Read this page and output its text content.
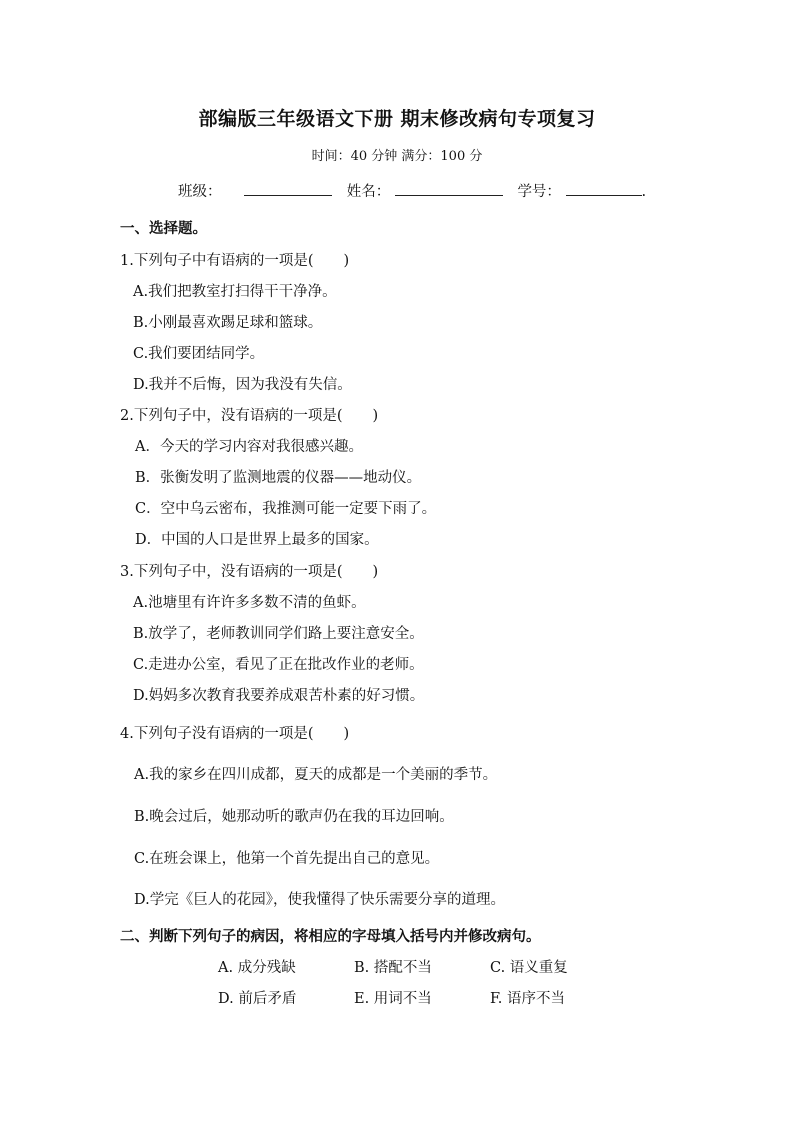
部编版三年级语文下册 期末修改病句专项复习
时间：40 分钟 满分：100 分
班级：	姓名：	学号：	.
一、选择题。
1.下列句子中有语病的一项是( )
A.我们把教室打扫得干干净净。
B.小刚最喜欢踢足球和篮球。
C.我们要团结同学。
D.我并不后悔，因为我没有失信。
2.下列句子中，没有语病的一项是( )
A．今天的学习内容对我很感兴趣。
B．张衡发明了监测地震的仪器——地动仪。
C．空中乌云密布，我推测可能一定要下雨了。
D．中国的人口是世界上最多的国家。
3.下列句子中，没有语病的一项是( )
A.池塘里有许许多多数不清的鱼虾。
B.放学了，老师教训同学们路上要注意安全。
C.走进办公室，看见了正在批改作业的老师。
D.妈妈多次教育我要养成艰苦朴素的好习惯。
4.下列句子没有语病的一项是( )
A.我的家乡在四川成都，夏天的成都是一个美丽的季节。
B.晚会过后，她那动听的歌声仍在我的耳边回响。
C.在班会课上，他第一个首先提出自己的意见。
D.学完《巨人的花园》，使我懂得了快乐需要分享的道理。
二、判断下列句子的病因，将相应的字母填入括号内并修改病句。
A. 成分残缺	B. 搭配不当	C. 语义重复
D. 前后矛盾	E. 用词不当	F. 语序不当
